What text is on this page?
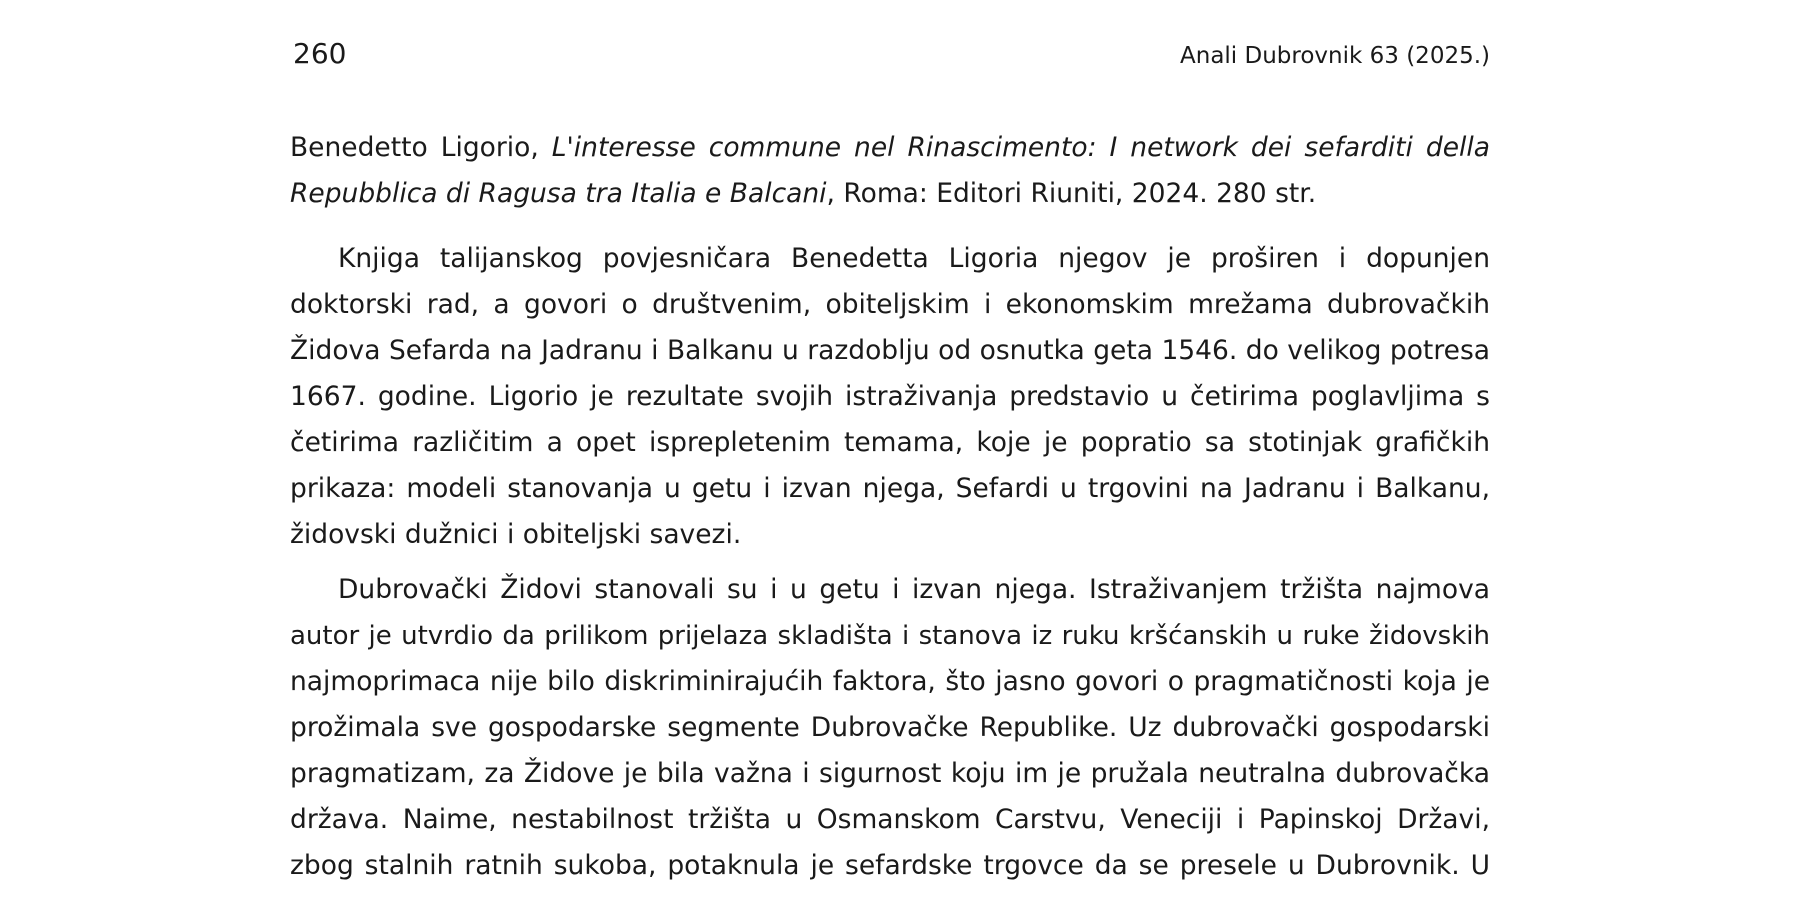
260	Anali Dubrovnik 63 (2025.)
Benedetto Ligorio, L'interesse commune nel Rinascimento: I network dei sefarditi della
Repubblica di Ragusa tra Italia e Balcani, Roma: Editori Riuniti, 2024. 280 str.
Knjiga talijanskog povjesničara Benedetta Ligoria njegov je proširen i dopunjen
doktorski rad, a govori o društvenim, obiteljskim i ekonomskim mrežama dubrovačkih
Židova Sefarda na Jadranu i Balkanu u razdoblju od osnutka geta 1546. do velikog potresa
1667. godine. Ligorio je rezultate svojih istraživanja predstavio u četirima poglavljima s
četirima različitim a opet isprepletenim temama, koje je popratio sa stotinjak grafičkih
prikaza: modeli stanovanja u getu i izvan njega, Sefardi u trgovini na Jadranu i Balkanu,
židovski dužnici i obiteljski savezi.
Dubrovački Židovi stanovali su i u getu i izvan njega. Istraživanjem tržišta najmova
autor je utvrdio da prilikom prijelaza skladišta i stanova iz ruku kršćanskih u ruke židovskih
najmoprimaca nije bilo diskriminirajućih faktora, što jasno govori o pragmatičnosti koja je
prožimala sve gospodarske segmente Dubrovačke Republike. Uz dubrovački gospodarski
pragmatizam, za Židove je bila važna i sigurnost koju im je pružala neutralna dubrovačka
država. Naime, nestabilnost tržišta u Osmanskom Carstvu, Veneciji i Papinskoj Državi,
zbog stalnih ratnih sukoba, potaknula je sefardske trgovce da se presele u Dubrovnik. U
